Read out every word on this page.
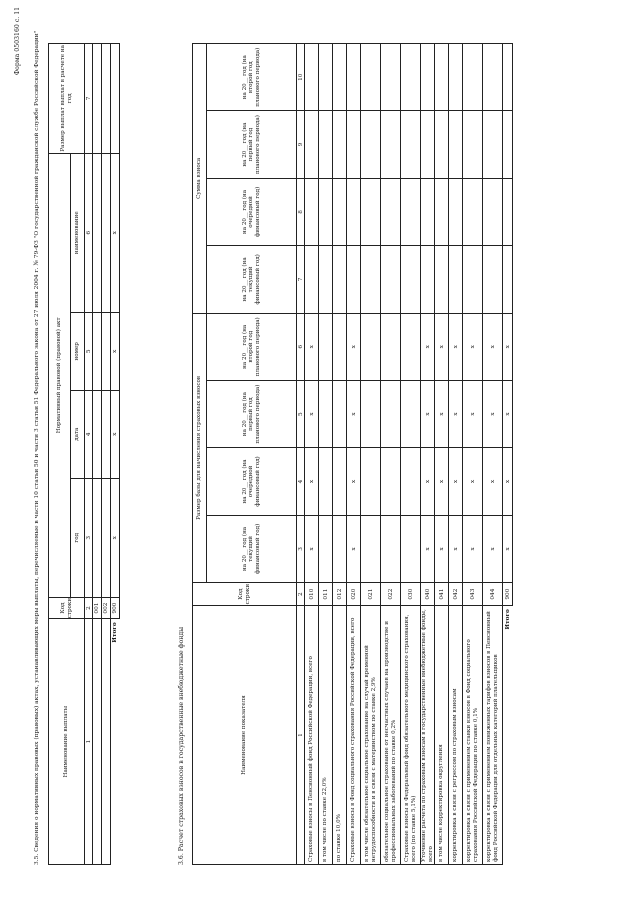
Форма 0503160 с. 11 3.5. Сведения о нормативных правовых (правовых) актах, устанавливающих меры выплаты, перечисляемые в части 10 статьи 50 и части 3 статьи 51 Федерального закона от 27 июля 2004 г. № 79-ФЗ "О государственной гражданской службе Российской Федерации"	Наименование выплаты	Код строки	Нормативный правовой (правовой) акт				Размер выплат выплат в расчете на год

		год	дата	номер	наименование	

1	2	3	4	5	6	7

	001					

	002					

Итого	900	x	x	x	x	

3.6. Расчет страховых взносов в государственные внебюджетные фонды	Наименование показателя	Код строки	Размер базы для начисления страховых взносов				Сумма взноса			

		на 20__ год (на текущий финансовый год)	на 20__ год (на очередной финансовый год)	на 20__ год (на первый год планового периода)	на 20__ год (на второй год планового периода)	на 20__ год (на текущий финансовый год)	на 20__ год (на очередной финансовый год)	на 20__ год (на первый год планового периода)	на 20__ год (на второй год планового периода)

1	2	3	4	5	6	7	8	9	10

Страховые взносы в Пенсионный фонд Российской Федерации, всего	010	x	x	x	x				

в том числе по ставке 22,0%	011								

по ставке 10,0%	012								

Страховые взносы в Фонд социального страхования Российской Федерации, всего	020	x	x	x	x				

в том числе обязательное социальное страхование на случай временной нетрудоспособности и в связи с материнством по ставке 2,9%	021								

обязательное социальное страхование от несчастных случаев на производстве и профессиональных заболеваний по ставке 0,2%	022								

Страховые взносы в Федеральный фонд обязательного медицинского страхования, всего (по ставке 5,1%)	030								

Уточнение расчета по страховым взносам в государственные внебюджетные фонды, всего	040	x	x	x	x				

в том числе корректировка округления	041	x	x	x	x				

корректировка в связи с регрессом по страховым взносам	042	x	x	x	x				

корректировка в связи с применением ставки взносов в Фонд социального страхования Российской Федерации по ставке 0,1%	043	x	x	x	x				

корректировка в связи с применением пониженных тарифов взносов в Пенсионный фонд Российской Федерации для отдельных категорий плательщиков	044	x	x	x	x				

Итого	900	x	x	x	x				
